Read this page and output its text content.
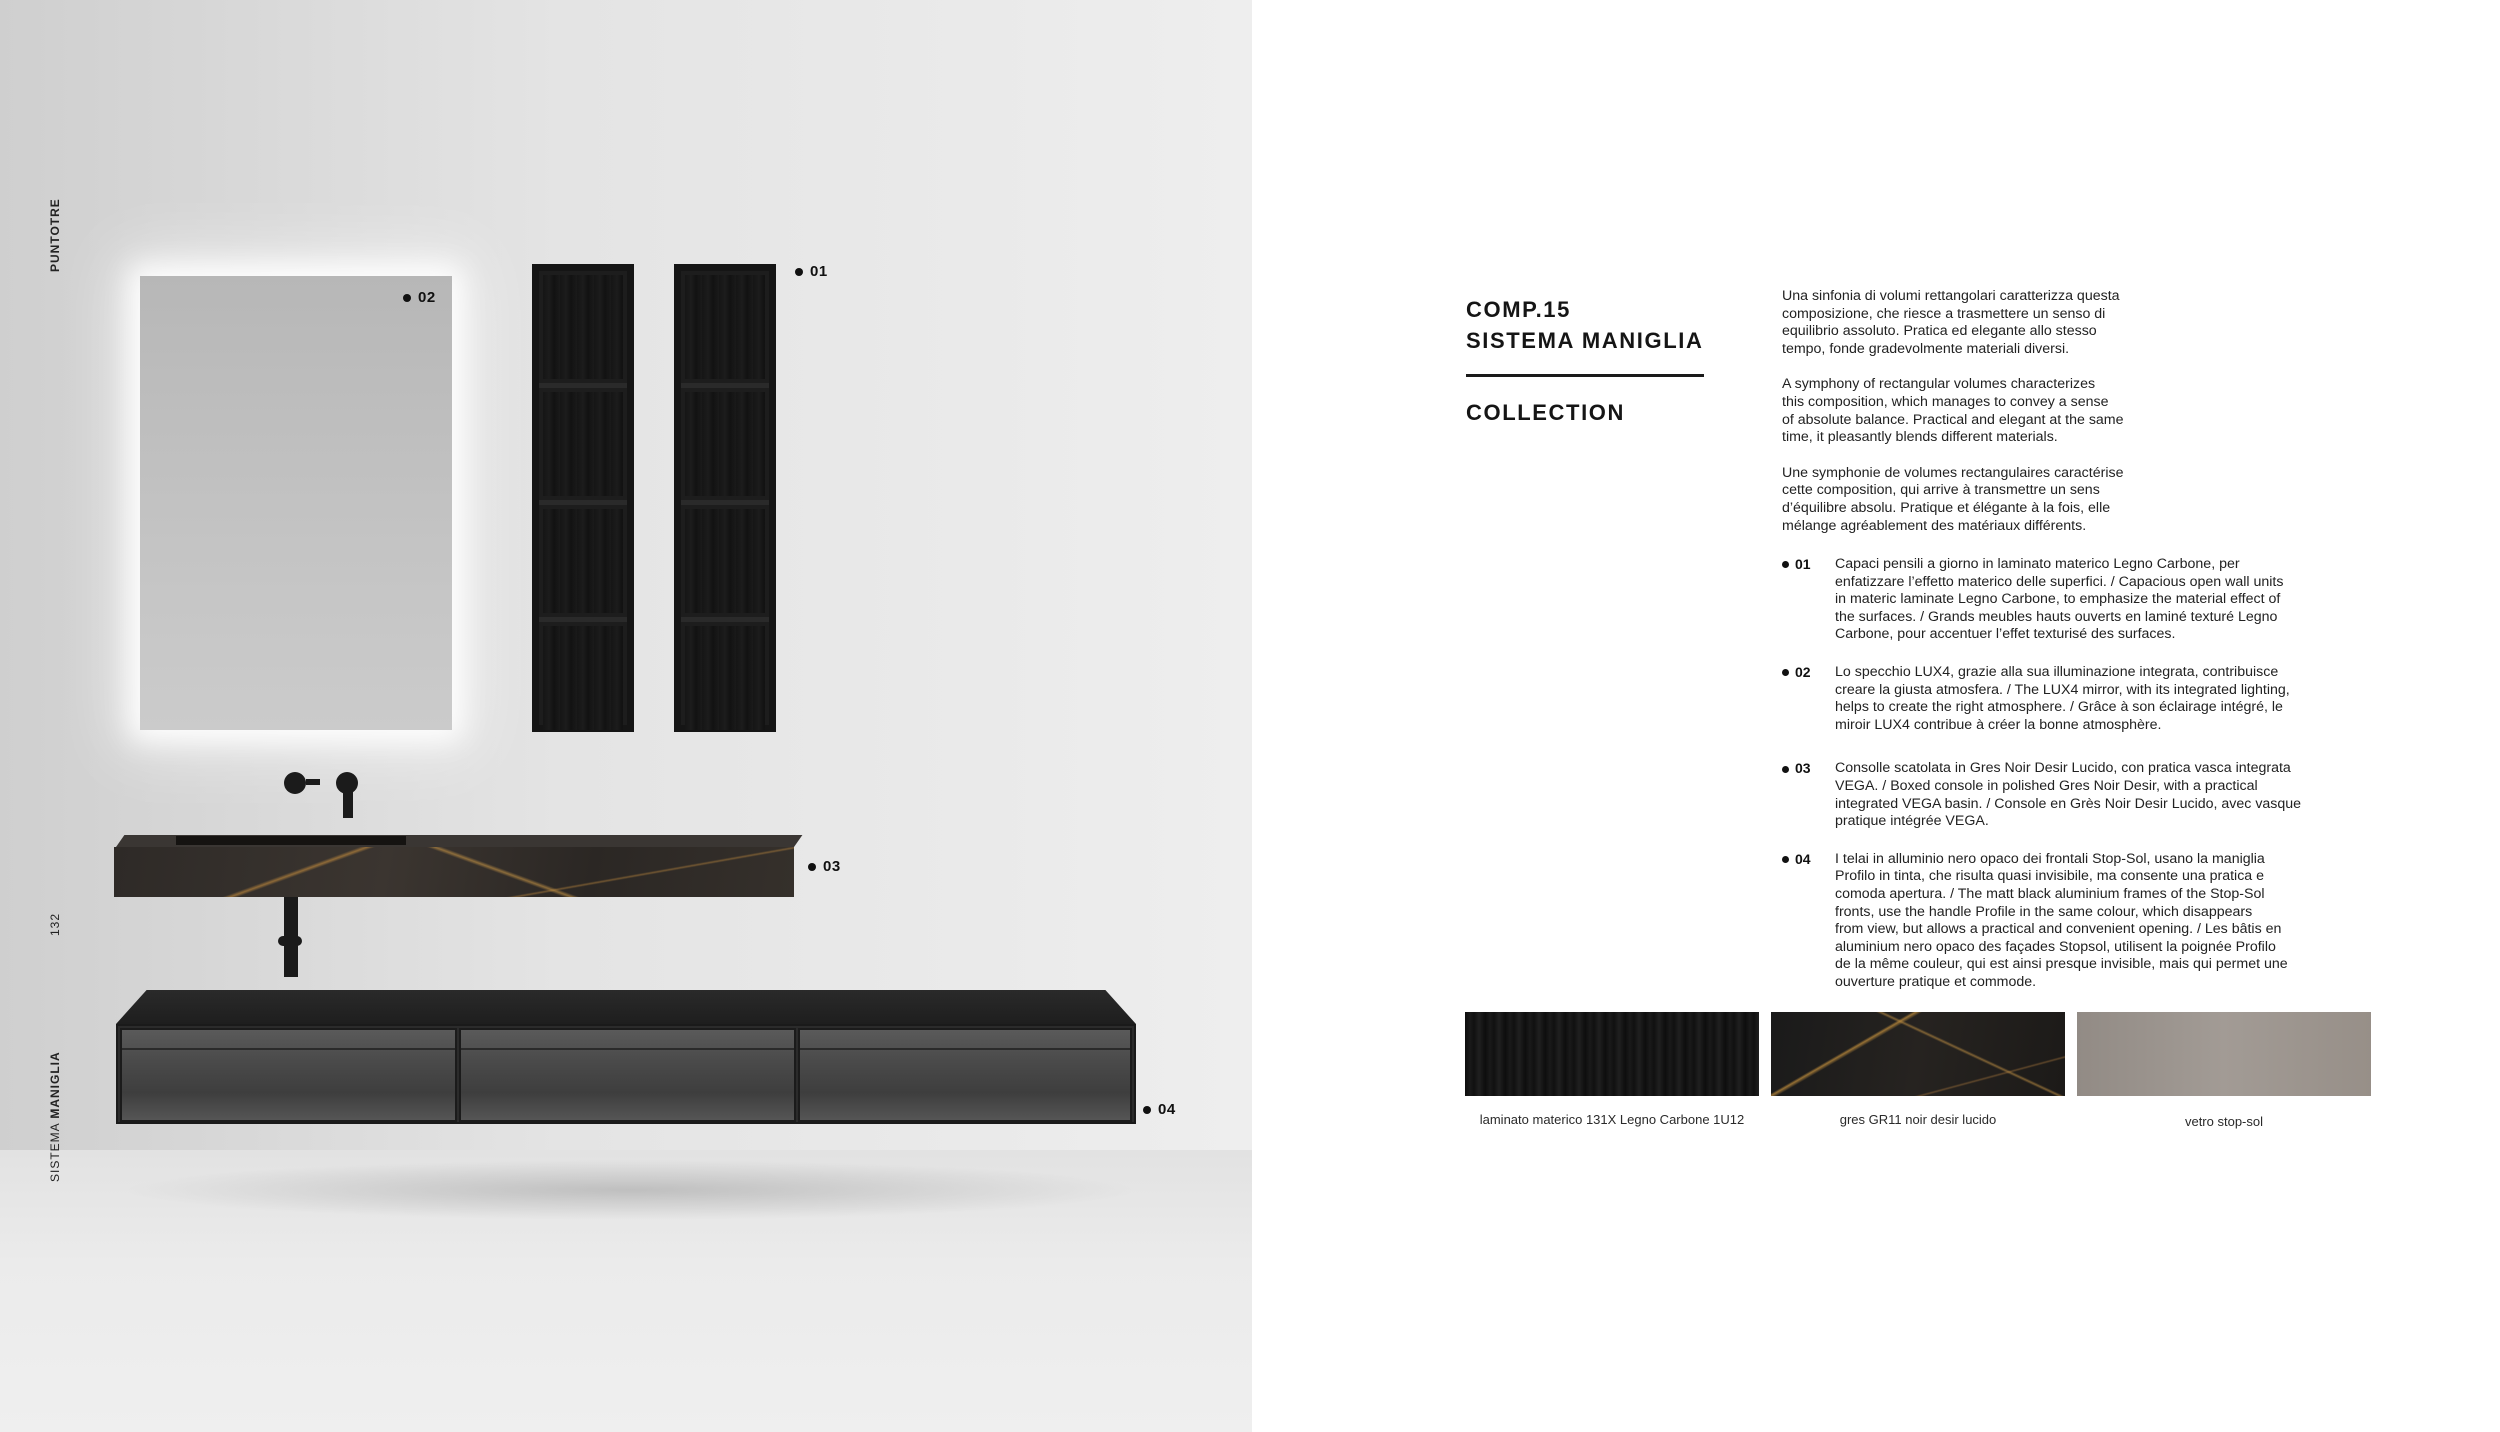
PUNTOTRE
132
SISTEMA MANIGLIA
01
02
03
04
COMP.15
SISTEMA MANIGLIA
COLLECTION

Una sinfonia di volumi rettangolari caratterizza questa
composizione, che riesce a trasmettere un senso di
equilibrio assoluto. Pratica ed elegante allo stesso
tempo, fonde gradevolmente materiali diversi.

A symphony of rectangular volumes characterizes
this composition, which manages to convey a sense
of absolute balance. Practical and elegant at the same
time, it pleasantly blends different materials.

Une symphonie de volumes rectangulaires caractérise
cette composition, qui arrive à transmettre un sens
d’équilibre absolu. Pratique et élégante à la fois, elle
mélange agréablement des matériaux différents.

01 Capaci pensili a giorno in laminato materico Legno Carbone, per
enfatizzare l’effetto materico delle superfici. / Capacious open wall units
in materic laminate Legno Carbone, to emphasize the material effect of
the surfaces. / Grands meubles hauts ouverts en laminé texturé Legno
Carbone, pour accentuer l’effet texturisé des surfaces.
02 Lo specchio LUX4, grazie alla sua illuminazione integrata, contribuisce
creare la giusta atmosfera. / The LUX4 mirror, with its integrated lighting,
helps to create the right atmosphere. / Grâce à son éclairage intégré, le
miroir LUX4 contribue à créer la bonne atmosphère.
03 Consolle scatolata in Gres Noir Desir Lucido, con pratica vasca integrata
VEGA. / Boxed console in polished Gres Noir Desir, with a practical
integrated VEGA basin. / Console en Grès Noir Desir Lucido, avec vasque
pratique intégrée VEGA.
04 I telai in alluminio nero opaco dei frontali Stop-Sol, usano la maniglia
Profilo in tinta, che risulta quasi invisibile, ma consente una pratica e
comoda apertura. / The matt black aluminium frames of the Stop-Sol
fronts, use the handle Profile in the same colour, which disappears
from view, but allows a practical and convenient opening. / Les bâtis en
aluminium nero opaco des façades Stopsol, utilisent la poignée Profilo
de la même couleur, qui est ainsi presque invisible, mais qui permet une
ouverture pratique et commode.
laminato materico 131X Legno Carbone 1U12	gres GR11 noir desir lucido	vetro stop-sol
